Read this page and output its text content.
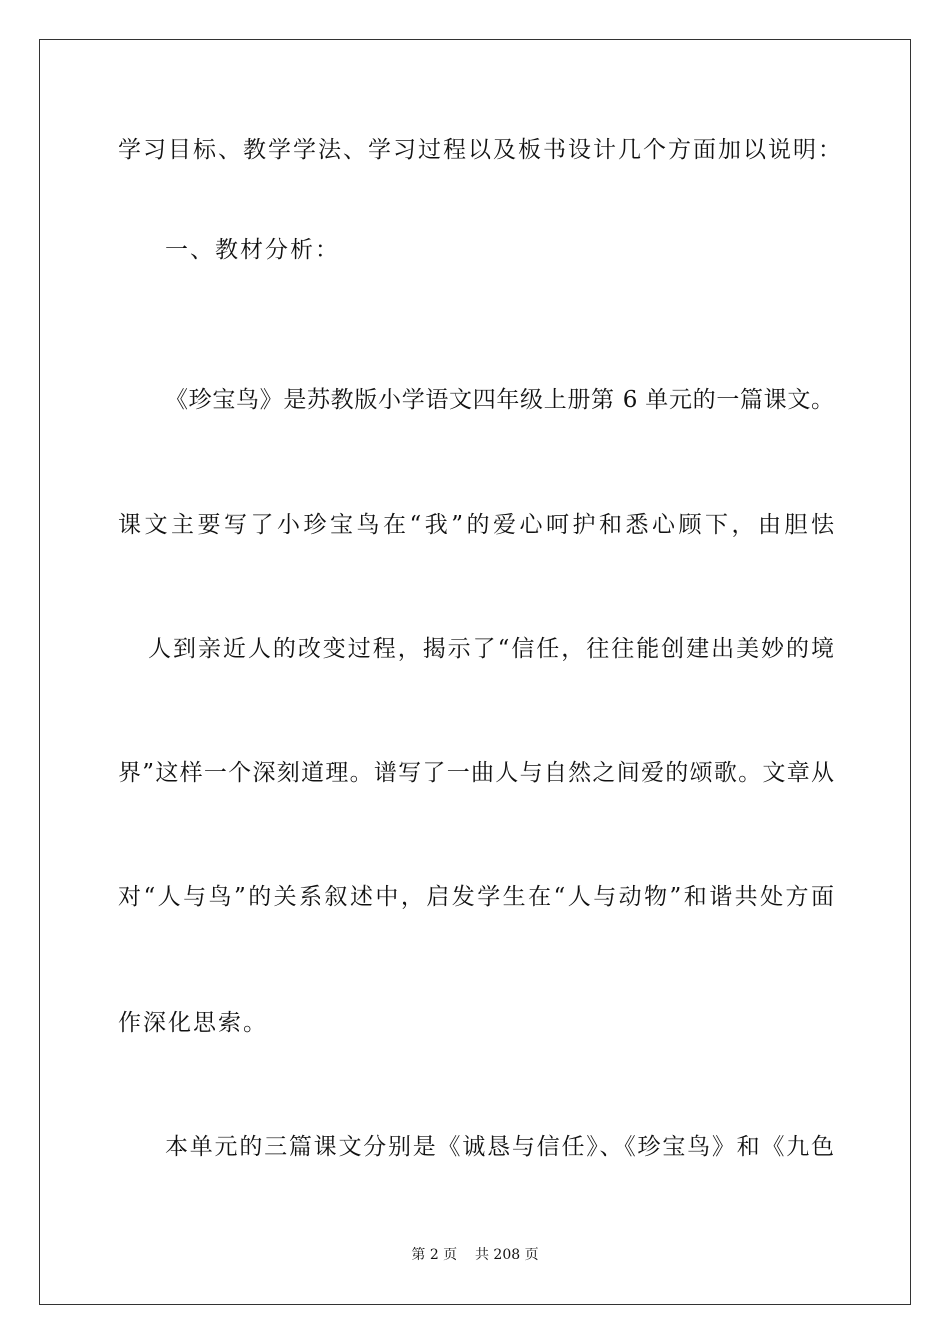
学习目标、教学学法、学习过程以及板书设计几个方面加以说明：
一、教材分析：
《珍宝鸟》是苏教版小学语文四年级上册第 6 单元的一篇课文。
课文主要写了小珍宝鸟在“我”的爱心呵护和悉心顾下，由胆怯
人到亲近人的改变过程，揭示了“信任，往往能创建出美妙的境
界”这样一个深刻道理。谱写了一曲人与自然之间爱的颂歌。文章从
对“人与鸟”的关系叙述中，启发学生在“人与动物”和谐共处方面
作深化思索。
本单元的三篇课文分别是《诚恳与信任》、《珍宝鸟》和《九色
第 2 页    共 208 页
